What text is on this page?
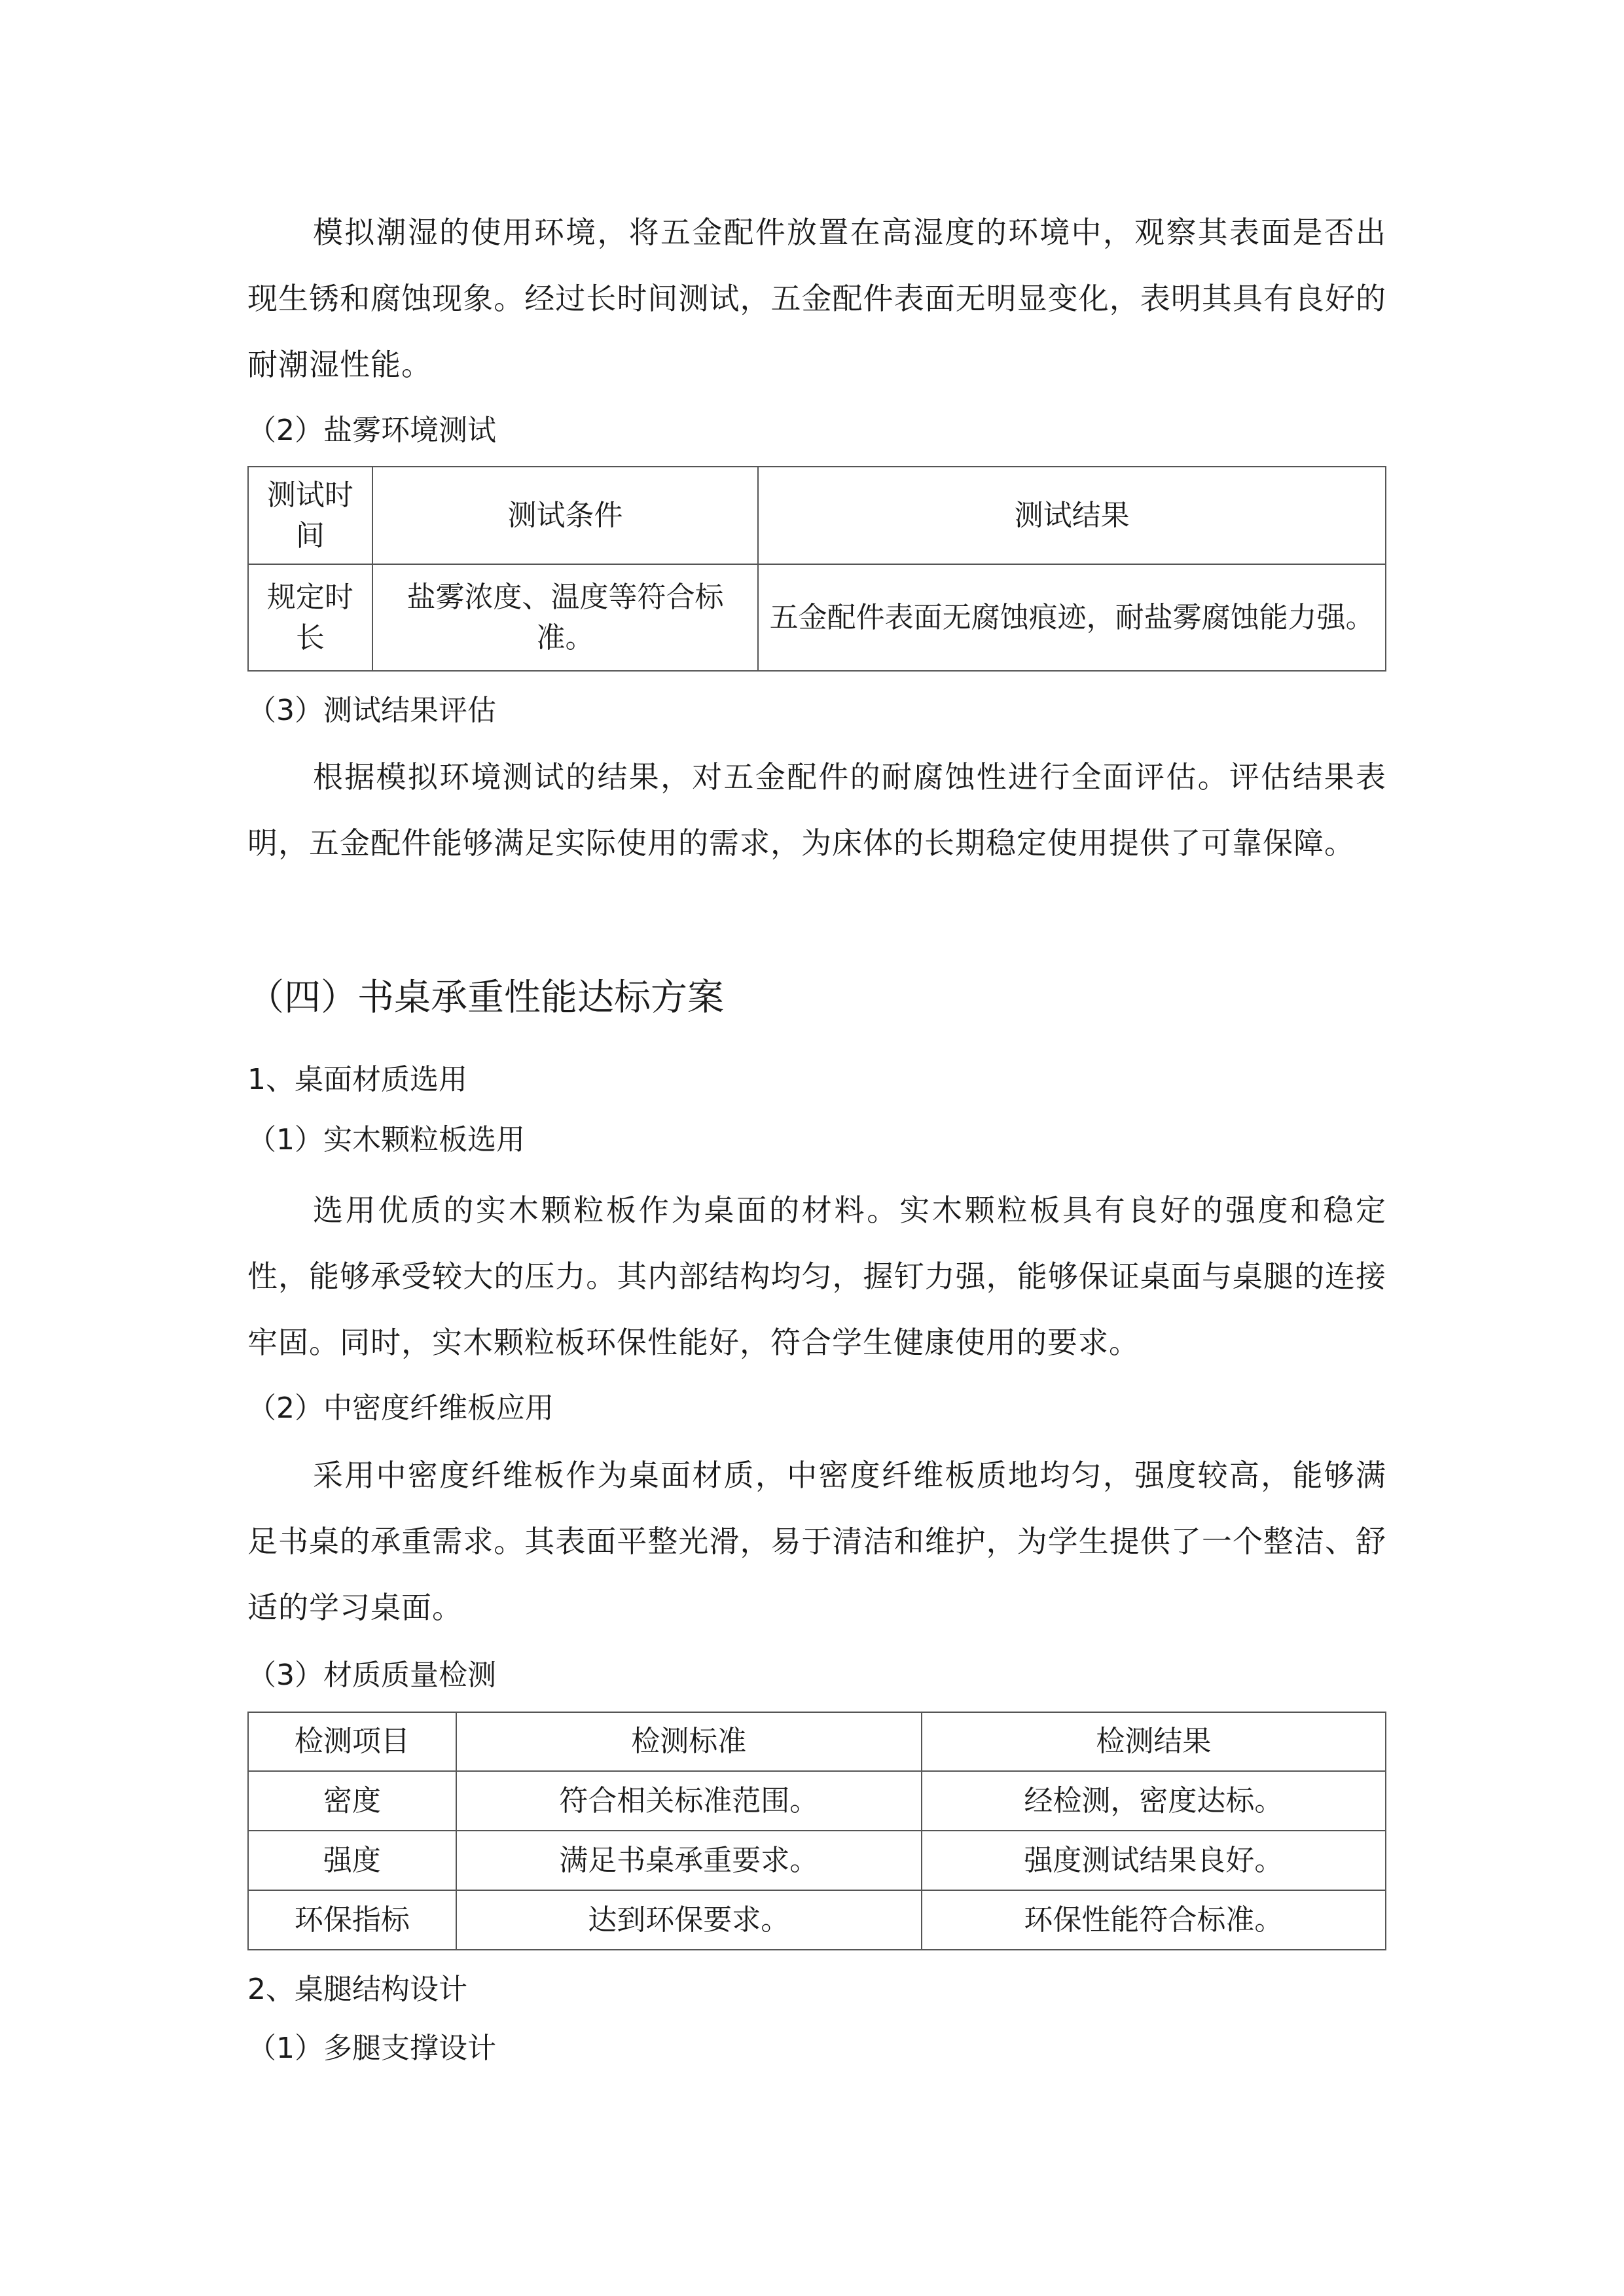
模拟潮湿的使用环境，将五金配件放置在高湿度的环境中，观察其表面是否出现生锈和腐蚀现象。经过长时间测试，五金配件表面无明显变化，表明其具有良好的耐潮湿性能。

（2）盐雾环境测试

测试时间	测试条件	测试结果
规定时长	盐雾浓度、温度等符合标准。	五金配件表面无腐蚀痕迹，耐盐雾腐蚀能力强。

（3）测试结果评估

根据模拟环境测试的结果，对五金配件的耐腐蚀性进行全面评估。评估结果表明，五金配件能够满足实际使用的需求，为床体的长期稳定使用提供了可靠保障。

（四）书桌承重性能达标方案

1、桌面材质选用

（1）实木颗粒板选用

选用优质的实木颗粒板作为桌面的材料。实木颗粒板具有良好的强度和稳定性，能够承受较大的压力。其内部结构均匀，握钉力强，能够保证桌面与桌腿的连接牢固。同时，实木颗粒板环保性能好，符合学生健康使用的要求。

（2）中密度纤维板应用

采用中密度纤维板作为桌面材质，中密度纤维板质地均匀，强度较高，能够满足书桌的承重需求。其表面平整光滑，易于清洁和维护，为学生提供了一个整洁、舒适的学习桌面。

（3）材质质量检测

检测项目	检测标准	检测结果
密度	符合相关标准范围。	经检测，密度达标。
强度	满足书桌承重要求。	强度测试结果良好。
环保指标	达到环保要求。	环保性能符合标准。

2、桌腿结构设计

（1）多腿支撑设计
